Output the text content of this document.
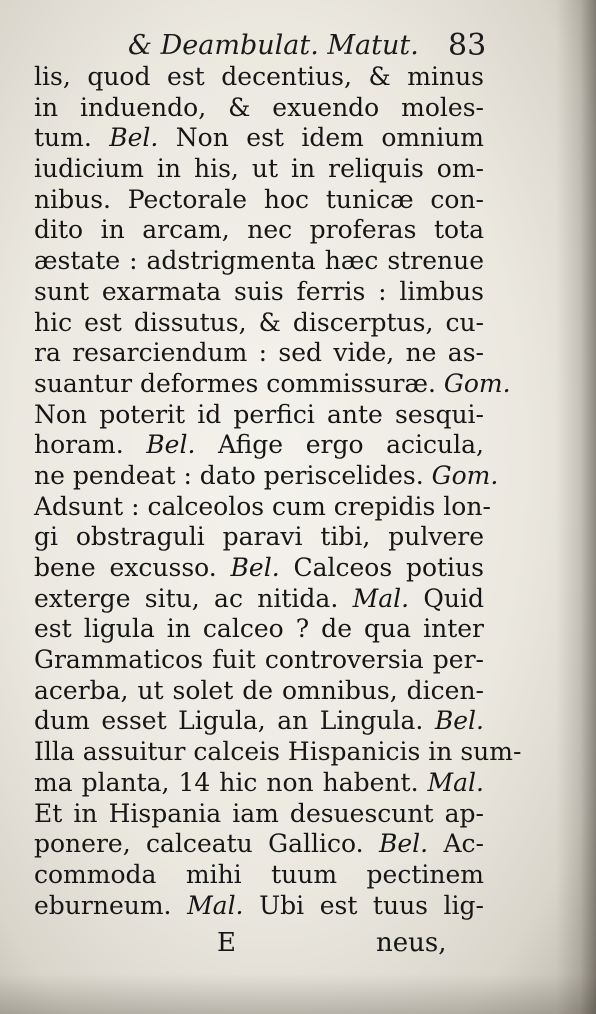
& Deambulat. Matut. 83
lis, quod est decentius, & minus
in induendo, & exuendo moles-
tum. Bel. Non est idem omnium
iudicium in his, ut in reliquis om-
nibus. Pectorale hoc tunicæ con-
dito in arcam, nec proferas tota
æstate : adstrigmenta hæc strenue
sunt exarmata suis ferris : limbus
hic est dissutus, & discerptus, cu-
ra resarciendum : sed vide, ne as-
suantur deformes commissuræ. Gom.
Non poterit id perfici ante sesqui-
horam. Bel. Afige ergo acicula,
ne pendeat : dato periscelides. Gom.
Adsunt : calceolos cum crepidis lon-
gi obstraguli paravi tibi, pulvere
bene excusso. Bel. Calceos potius
exterge situ, ac nitida. Mal. Quid
est ligula in calceo ? de qua inter
Grammaticos fuit controversia per-
acerba, ut solet de omnibus, dicen-
dum esset Ligula, an Lingula. Bel.
Illa assuitur calceis Hispanicis in sum-
ma planta, 14 hic non habent. Mal.
Et in Hispania iam desuescunt ap-
ponere, calceatu Gallico. Bel. Ac-
commoda mihi tuum pectinem
eburneum. Mal. Ubi est tuus lig-
E	neus,
